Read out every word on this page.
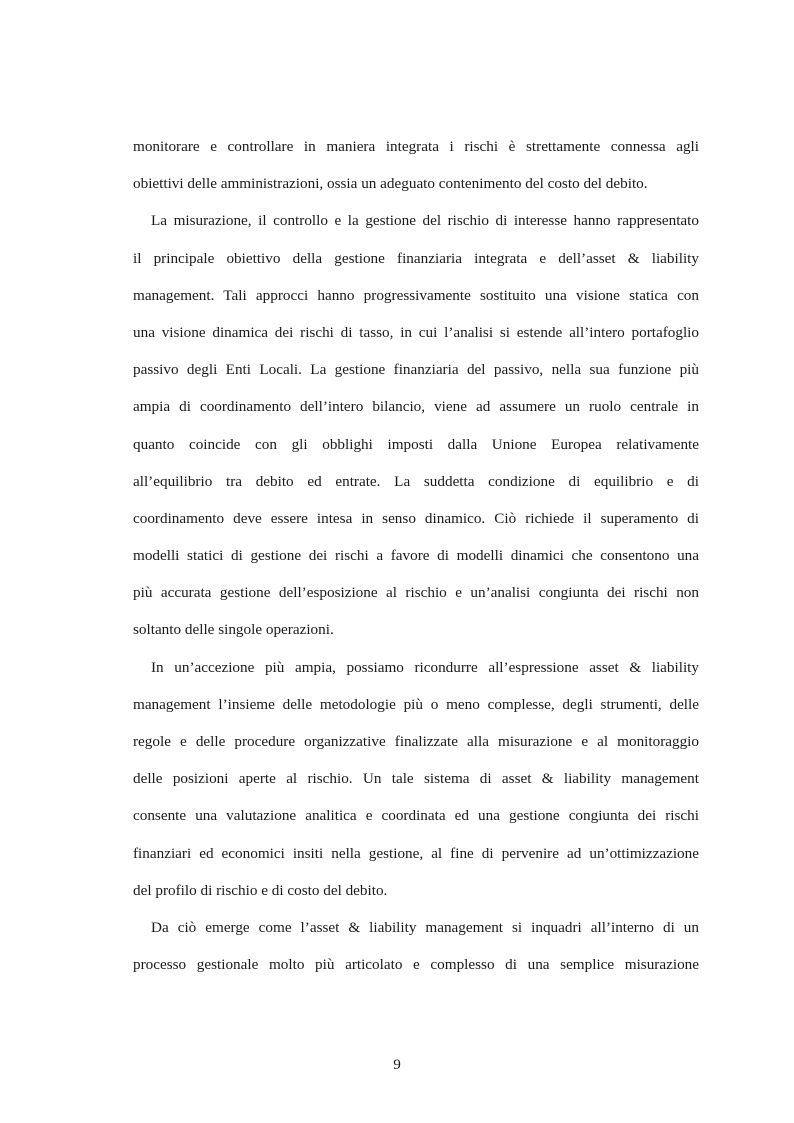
monitorare e controllare in maniera integrata i rischi è strettamente connessa agli
obiettivi delle amministrazioni, ossia un adeguato contenimento del costo del debito.

La misurazione, il controllo e la gestione del rischio di interesse hanno rappresentato
il principale obiettivo della gestione finanziaria integrata e dell’asset & liability
management. Tali approcci hanno progressivamente sostituito una visione statica con
una visione dinamica dei rischi di tasso, in cui l’analisi si estende all’intero portafoglio
passivo degli Enti Locali. La gestione finanziaria del passivo, nella sua funzione più
ampia di coordinamento dell’intero bilancio, viene ad assumere un ruolo centrale in
quanto coincide con gli obblighi imposti dalla Unione Europea relativamente
all’equilibrio tra debito ed entrate. La suddetta condizione di equilibrio e di
coordinamento deve essere intesa in senso dinamico. Ciò richiede il superamento di
modelli statici di gestione dei rischi a favore di modelli dinamici che consentono una
più accurata gestione dell’esposizione al rischio e un’analisi congiunta dei rischi non
soltanto delle singole operazioni.

In un’accezione più ampia, possiamo ricondurre all’espressione asset & liability
management l’insieme delle metodologie più o meno complesse, degli strumenti, delle
regole e delle procedure organizzative finalizzate alla misurazione e al monitoraggio
delle posizioni aperte al rischio. Un tale sistema di asset & liability management
consente una valutazione analitica e coordinata ed una gestione congiunta dei rischi
finanziari ed economici insiti nella gestione, al fine di pervenire ad un’ottimizzazione
del profilo di rischio e di costo del debito.

Da ciò emerge come l’asset & liability management si inquadri all’interno di un
processo gestionale molto più articolato e complesso di una semplice misurazione

9
